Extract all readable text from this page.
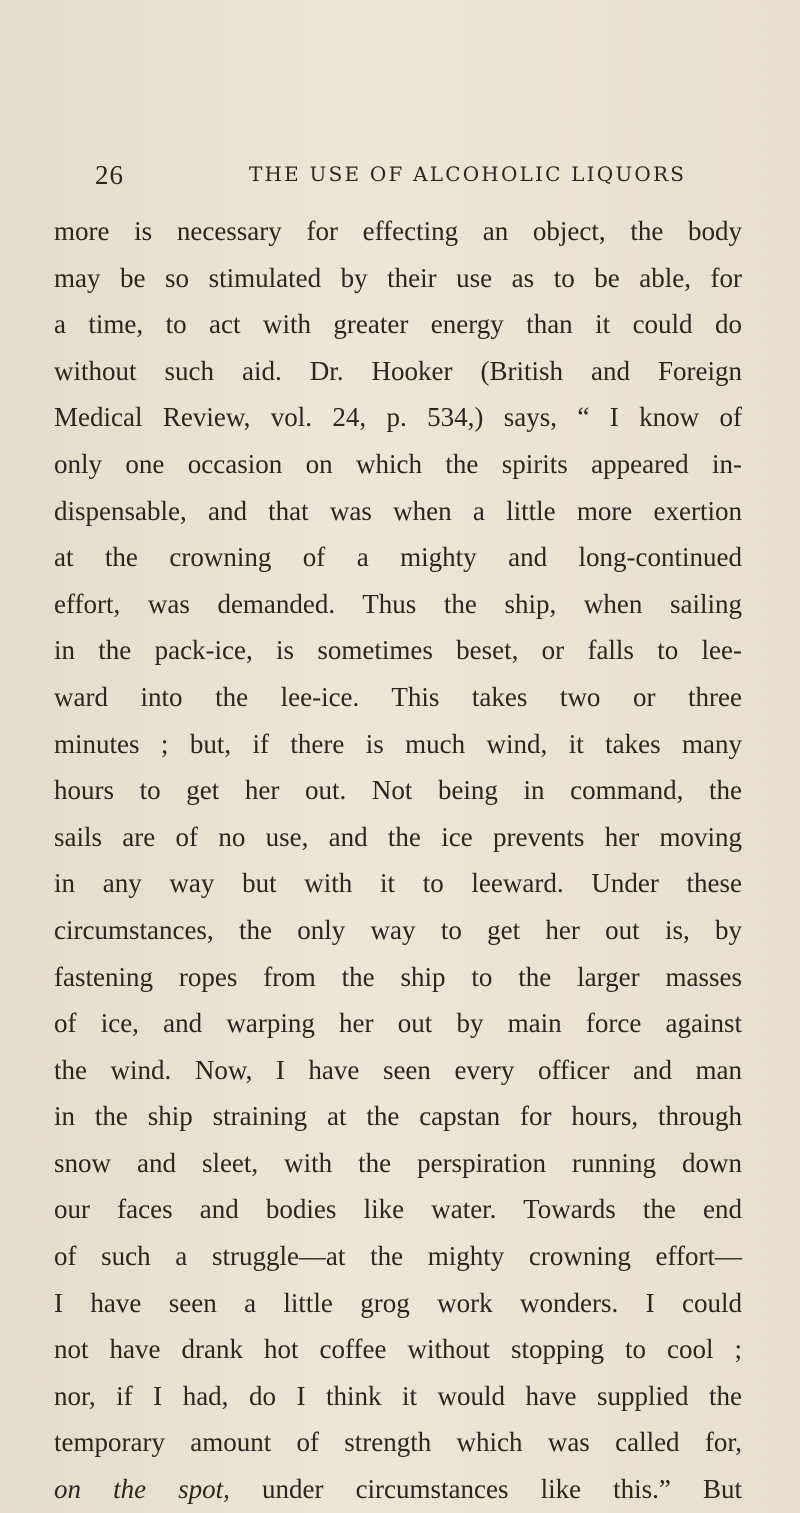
26	THE USE OF ALCOHOLIC LIQUORS
more is necessary for effecting an object, the body
may be so stimulated by their use as to be able, for
a time, to act with greater energy than it could do
without such aid. Dr. Hooker (British and Foreign
Medical Review, vol. 24, p. 534,) says, “ I know of
only one occasion on which the spirits appeared in-
dispensable, and that was when a little more exertion
at the crowning of a mighty and long-continued
effort, was demanded. Thus the ship, when sailing
in the pack-ice, is sometimes beset, or falls to lee-
ward into the lee-ice. This takes two or three
minutes ; but, if there is much wind, it takes many
hours to get her out. Not being in command, the
sails are of no use, and the ice prevents her moving
in any way but with it to leeward. Under these
circumstances, the only way to get her out is, by
fastening ropes from the ship to the larger masses
of ice, and warping her out by main force against
the wind. Now, I have seen every officer and man
in the ship straining at the capstan for hours, through
snow and sleet, with the perspiration running down
our faces and bodies like water. Towards the end
of such a struggle—at the mighty crowning effort—
I have seen a little grog work wonders. I could
not have drank hot coffee without stopping to cool ;
nor, if I had, do I think it would have supplied the
temporary amount of strength which was called for,
on the spot, under circumstances like this.” But
